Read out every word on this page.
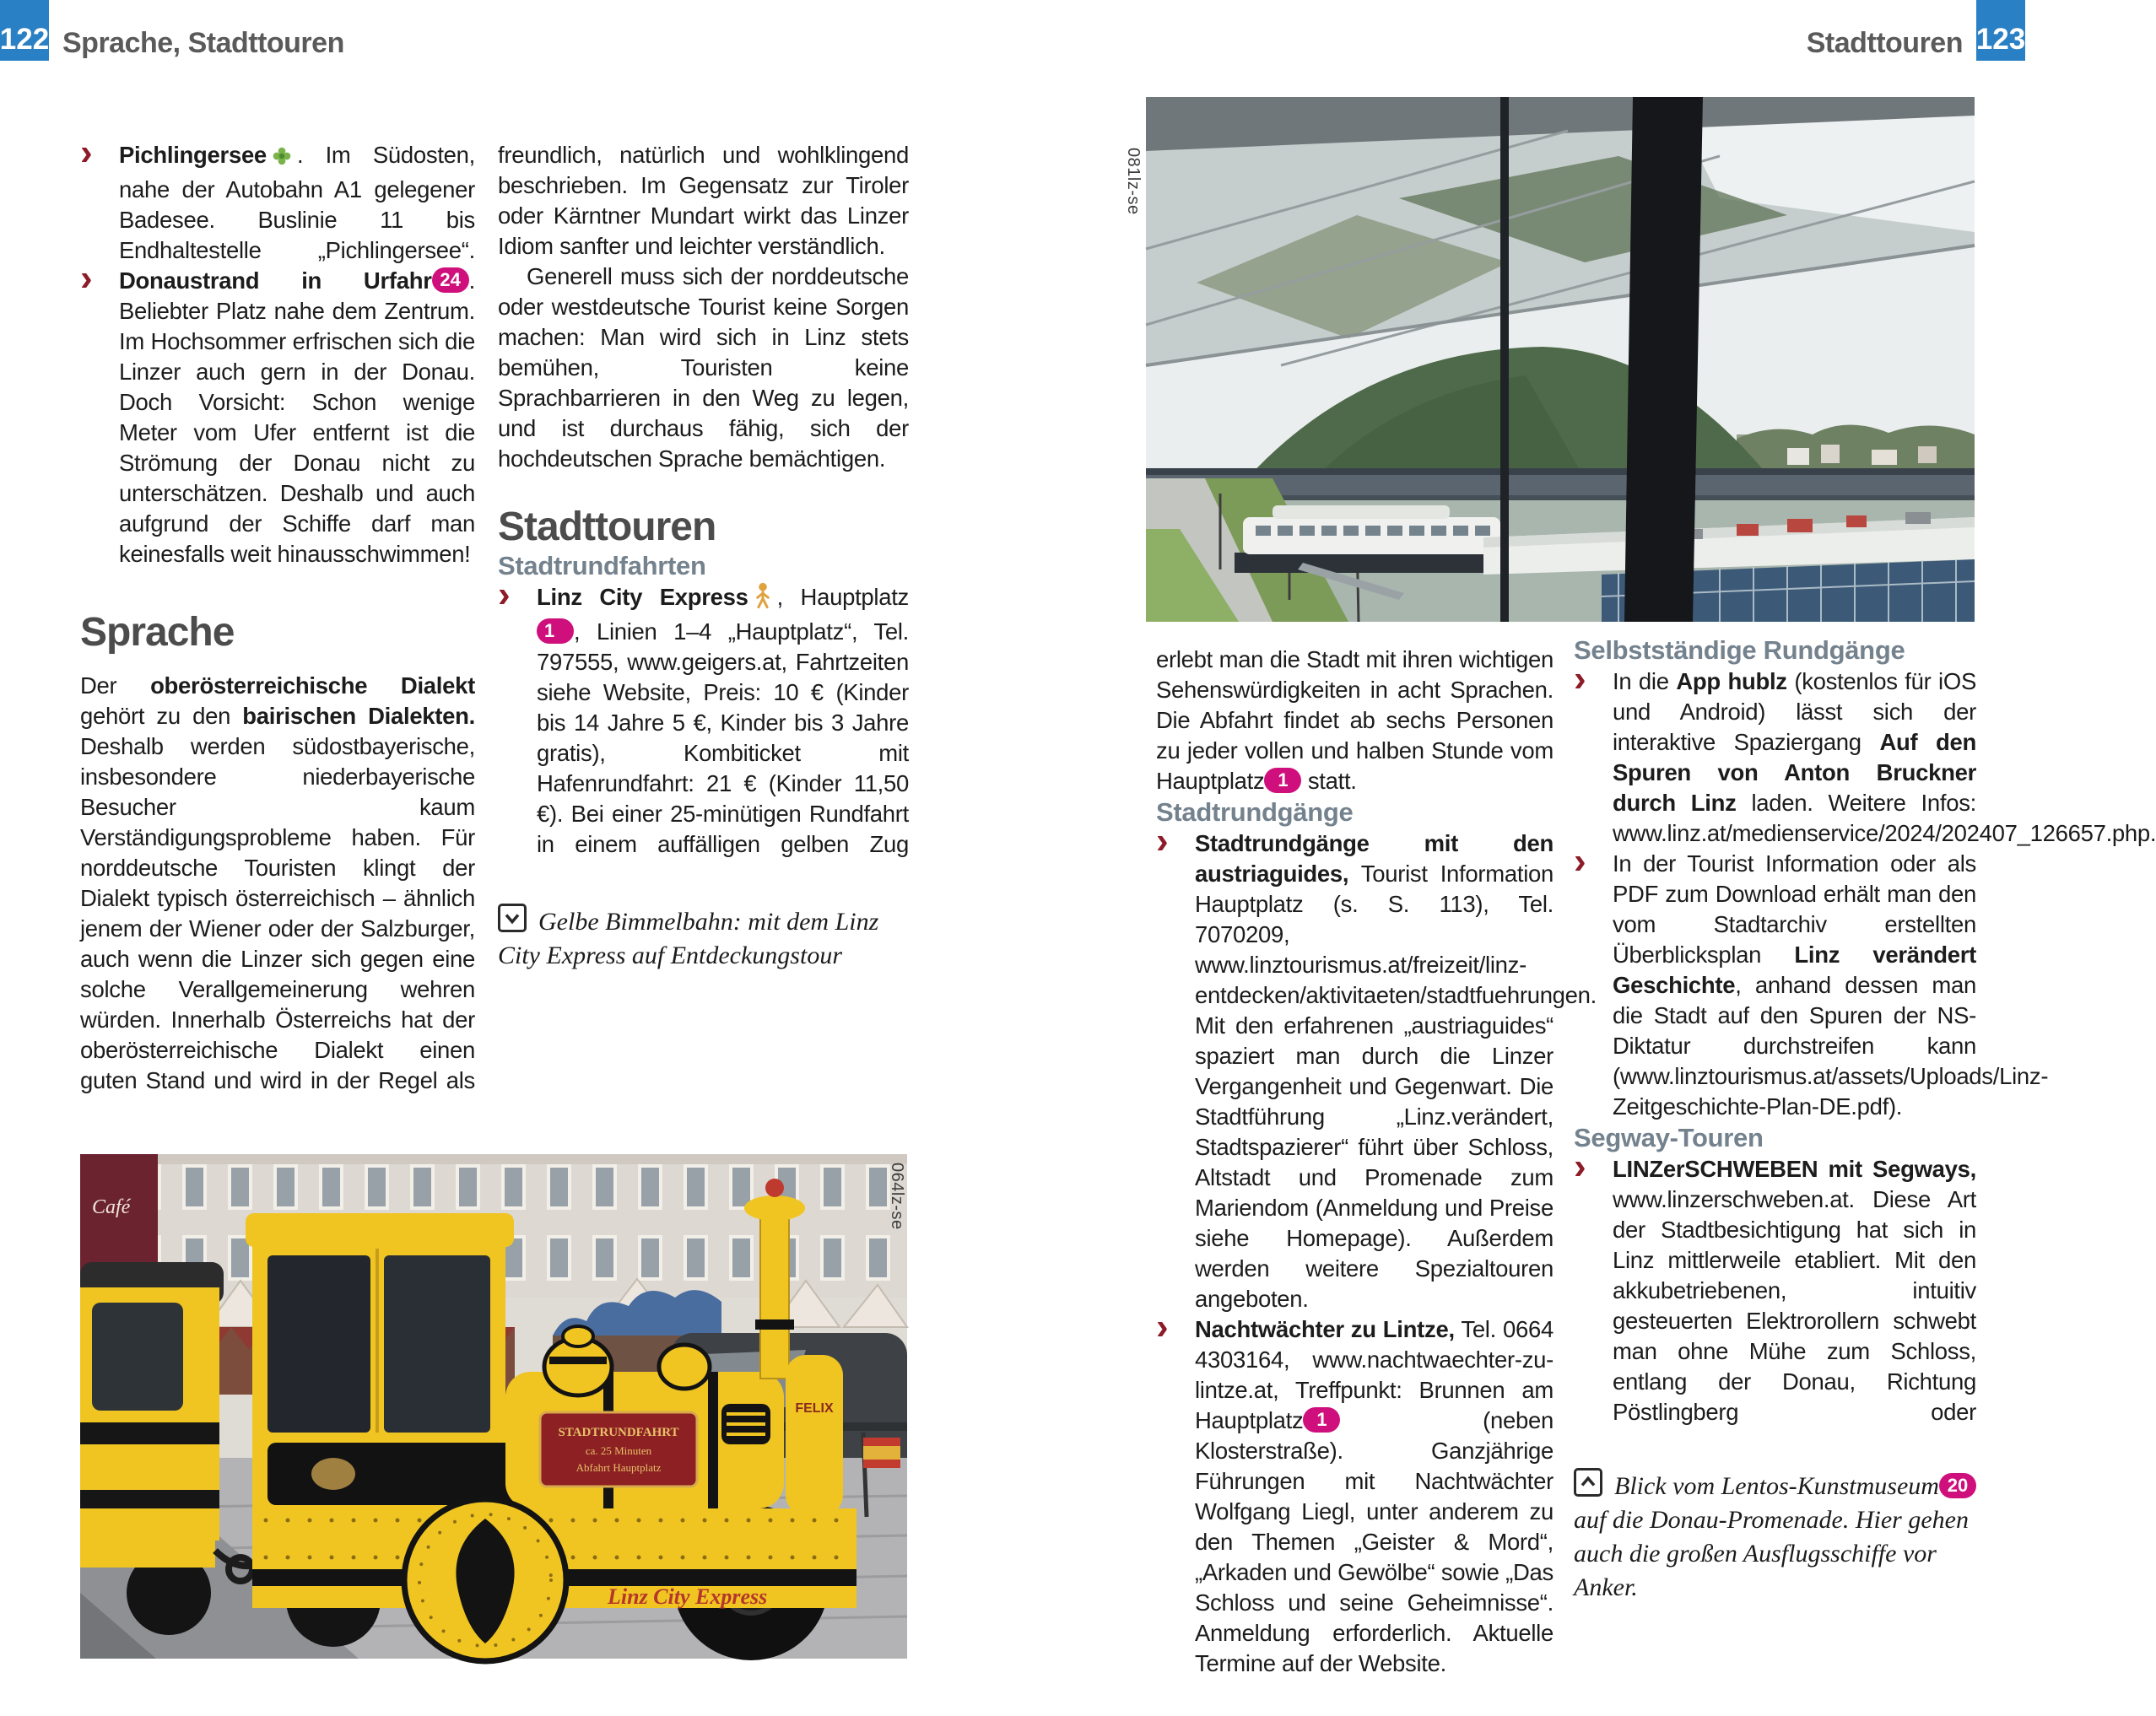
122 Sprache, Stadttouren	Stadttouren 123
› Pichlingersee . Im Südosten, nahe der Autobahn A1 gelegener Badesee. Buslinie 11 bis Endhaltestelle „Pichlingersee“.
› Donaustrand in Urfahr 24 . Beliebter Platz nahe dem Zentrum. Im Hochsommer erfrischen sich die Linzer auch gern in der Donau. Doch Vorsicht: Schon wenige Meter vom Ufer entfernt ist die Strömung der Donau nicht zu unterschätzen. Deshalb und auch aufgrund der Schiffe darf man keinesfalls weit hinausschwimmen!
Sprache

Der oberösterreichische Dialekt gehört zu den bairischen Dialekten. Deshalb werden südostbayerische, insbesondere niederbayerische Besucher kaum Verständigungsprobleme haben. Für norddeutsche Touristen klingt der Dialekt typisch österreichisch – ähnlich jenem der Wiener oder der Salzburger, auch wenn die Linzer sich gegen eine solche Verallgemeinerung wehren würden. Innerhalb Österreichs hat der oberösterreichische Dialekt einen guten Stand und wird in der Regel als

freundlich, natürlich und wohlklingend beschrieben. Im Gegensatz zur Tiroler oder Kärntner Mundart wirkt das Linzer Idiom sanfter und leichter verständlich.

Generell muss sich der norddeutsche oder westdeutsche Tourist keine Sorgen machen: Man wird sich in Linz stets bemühen, Touristen keine Sprachbarrieren in den Weg zu legen, und ist durchaus fähig, sich der hochdeutschen Sprache bemächtigen.

Stadttouren
Stadtrundfahrten
› Linz City Express , Hauptplatz1 , Linien 1–4 „Hauptplatz“, Tel. 797555, www.geigers.at, Fahrtzeiten siehe Website, Preis: 10 € (Kinder bis 14 Jahre 5 €, Kinder bis 3 Jahre gratis), Kombiticket mit Hafenrundfahrt: 21 € (Kinder 11,50 €). Bei einer 25-minütigen Rundfahrt in einem auffälligen gelben Zug
Gelbe Bimmelbahn: mit dem Linz City Express auf Entdeckungstour
Café
FELIX
STADTRUNDFAHRT
ca. 25 Minuten
Abfahrt Hauptplatz
Linz City Express
064lz-se
081lz-se

erlebt man die Stadt mit ihren wichtigen Sehenswürdigkeiten in acht Sprachen. Die Abfahrt findet ab sechs Personen zu jeder vollen und halben Stunde vom Hauptplatz 1 statt.

Stadtrundgänge
› Stadtrundgänge mit den austriaguides, Tourist Information Hauptplatz (s. S. 113), Tel. 7070209, www.linztourismus.at/freizeit/linz-entdecken/aktivitaeten/stadtfuehrungen. Mit den erfahrenen „austriaguides“ spaziert man durch die Linzer Vergangenheit und Gegenwart. Die Stadtführung „Linz.verändert, Stadtspazierer“ führt über Schloss, Altstadt und Promenade zum Mariendom (Anmeldung und Preise siehe Homepage). Außerdem werden weitere Spezialtouren angeboten.
› Nachtwächter zu Lintze, Tel. 0664 4303164, www.nachtwaechter-zu-lintze.at, Treffpunkt: Brunnen am Hauptplatz 1 (neben Klosterstraße). Ganzjährige Führungen mit Nachtwächter Wolfgang Liegl, unter anderem zu den Themen „Geister & Mord“, „Arkaden und Gewölbe“ sowie „Das Schloss und seine Geheimnisse“. Anmeldung erforderlich. Aktuelle Termine auf der Website.
Selbstständige Rundgänge
› In die App hublz (kostenlos für iOS und Android) lässt sich der interaktive Spaziergang Auf den Spuren von Anton Bruckner durch Linz laden. Weitere Infos: www.linz.at/medienservice/2024/202407_126657.php.
› In der Tourist Information oder als PDF zum Download erhält man den vom Stadtarchiv erstellten Überblicksplan Linz verändert Geschichte, anhand dessen man die Stadt auf den Spuren der NS-Diktatur durchstreifen kann (www.linztourismus.at/assets/Uploads/Linz-Zeitgeschichte-Plan-DE.pdf).
Segway-Touren
› LINZerSCHWEBEN mit Segways, www.linzerschweben.at. Diese Art der Stadtbesichtigung hat sich in Linz mittlerweile etabliert. Mit den akkubetriebenen, intuitiv gesteuerten Elektrorollern schwebt man ohne Mühe zum Schloss, entlang der Donau, Richtung Pöstlingberg oder
Blick vom Lentos-Kunstmuseum 20 auf die Donau-Promenade. Hier gehen auch die großen Ausflugsschiffe vor Anker.
